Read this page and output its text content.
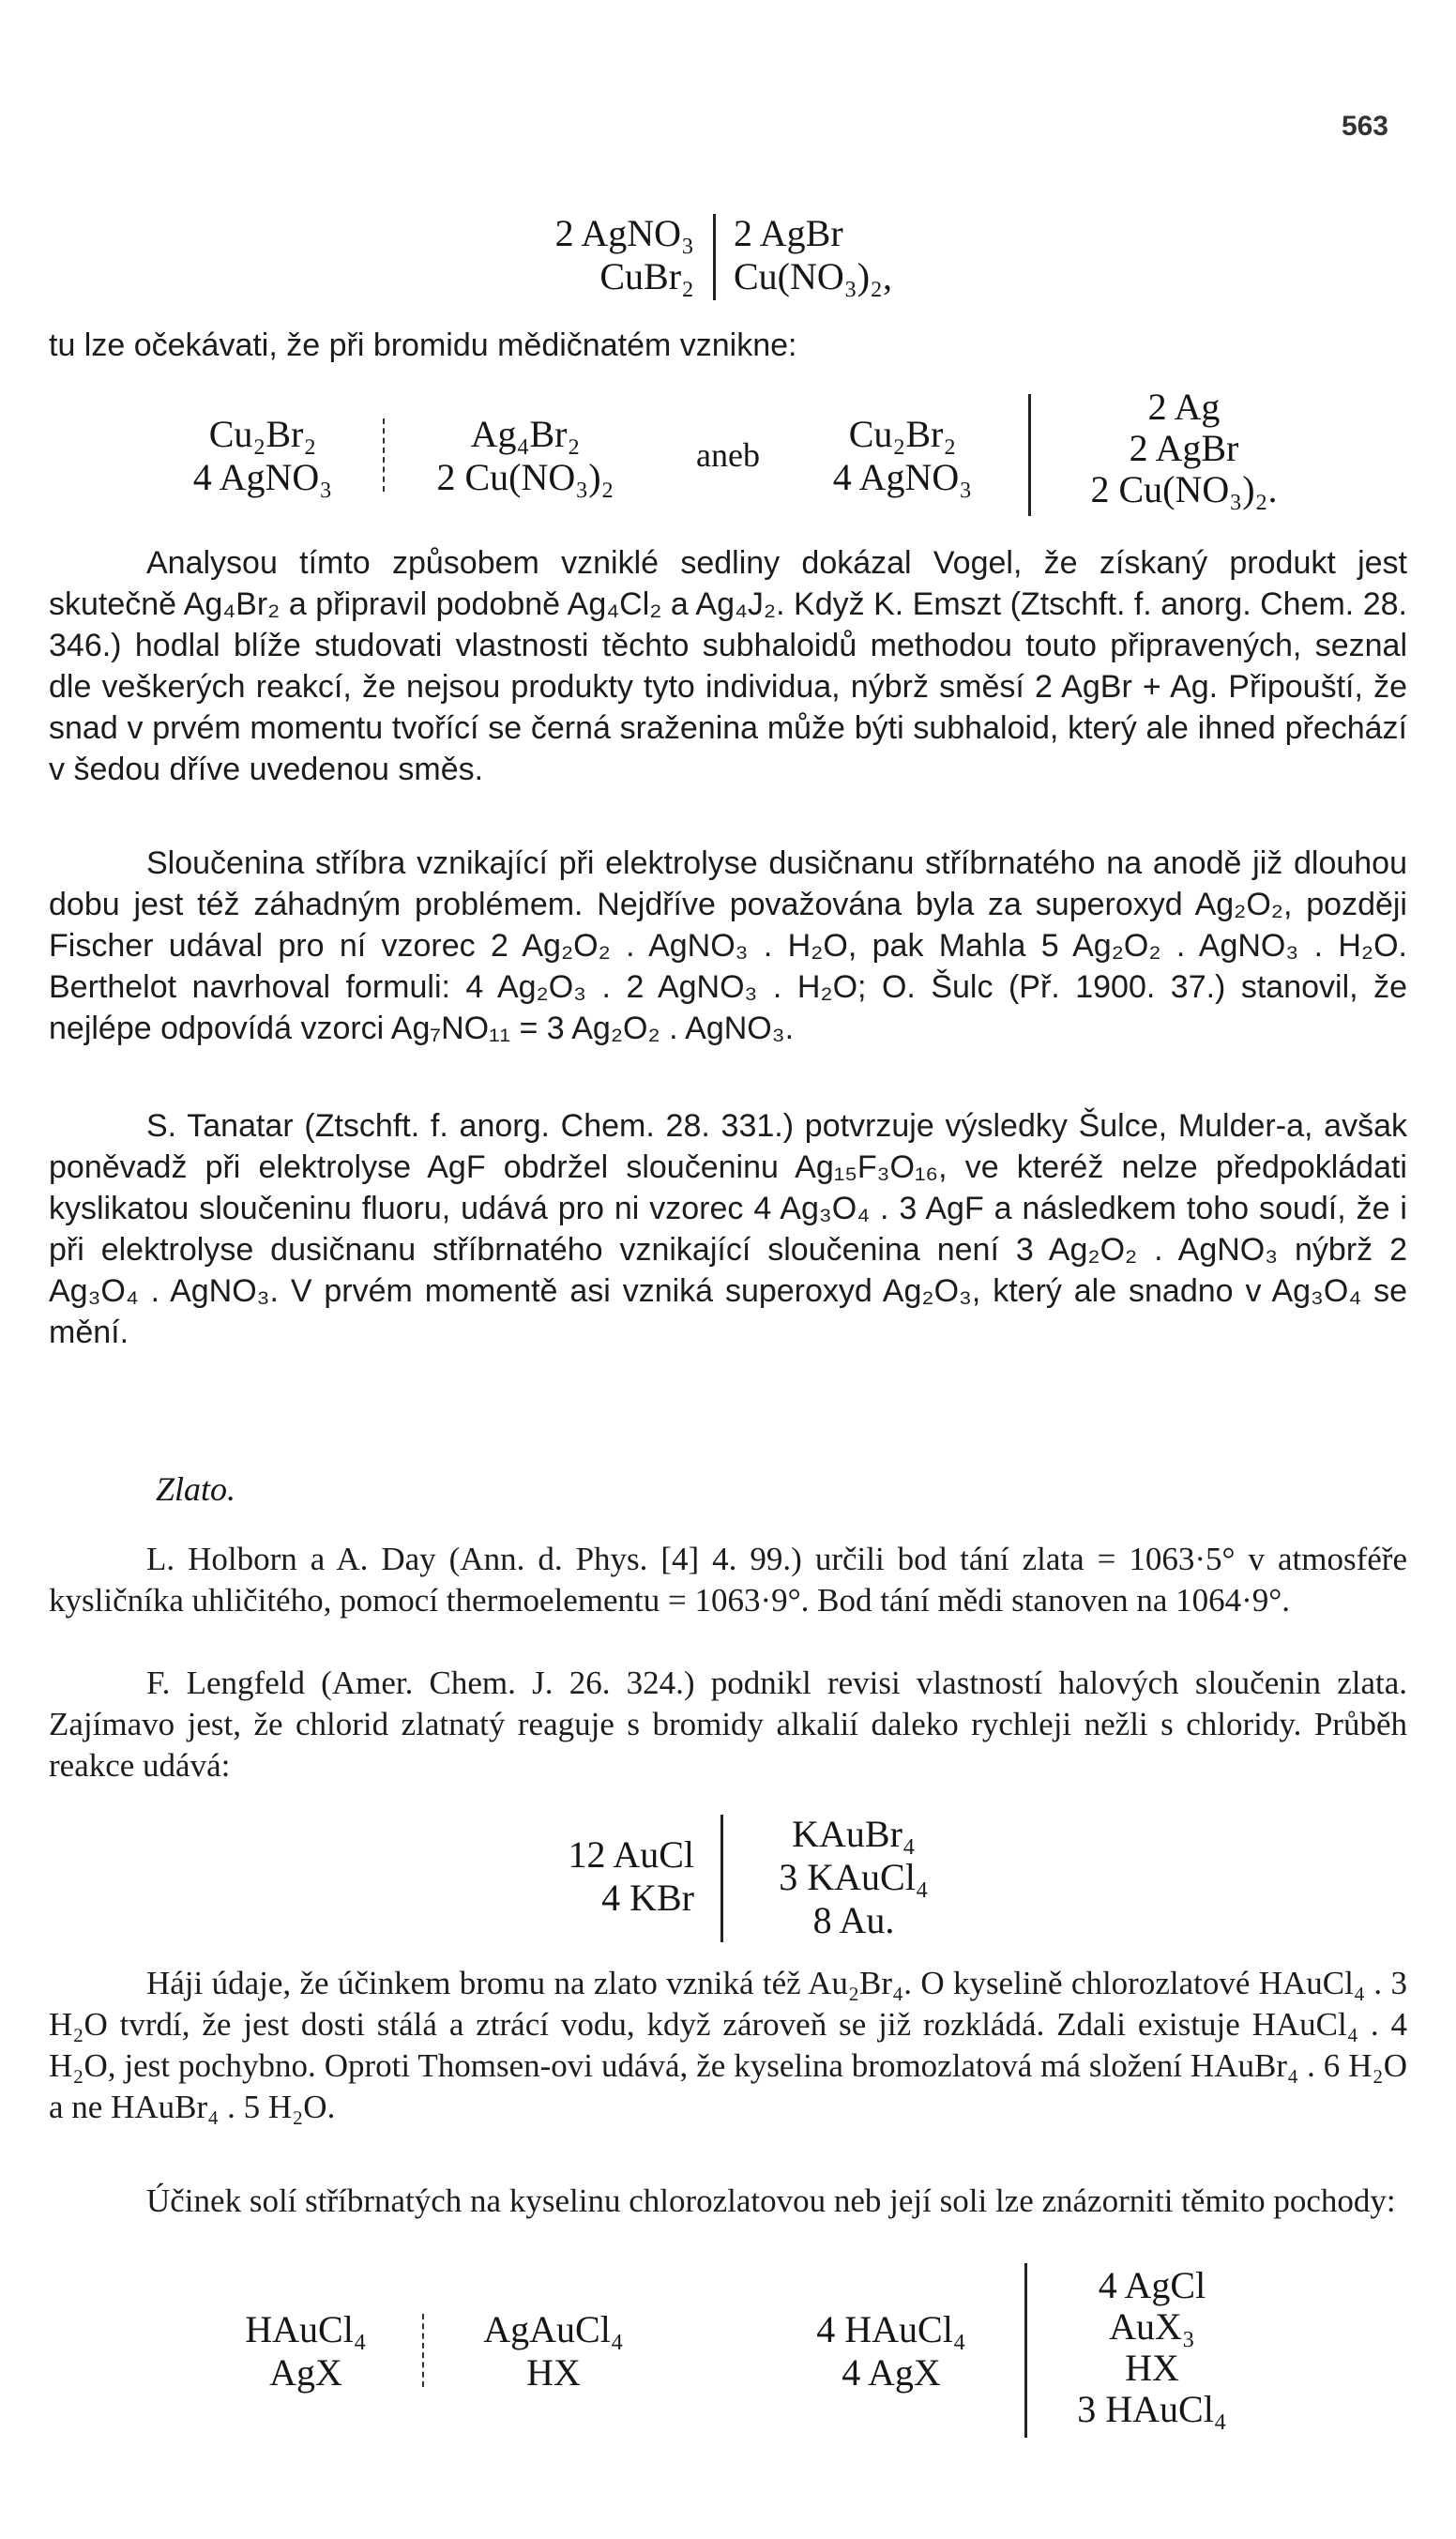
563
2 AgNO₃
CuBr₂
2 AgBr
Cu(NO₃)₂,
tu lze očekávati, že při bromidu mědičnatém vznikne:
Cu₂Br₂
4 AgNO₃
Ag₄Br₂
2 Cu(NO₃)₂
aneb	Cu₂Br₂
4 AgNO₃
2 Ag
2 AgBr
2 Cu(NO₃)₂.
Analysou tímto způsobem vzniklé sedliny dokázal Vogel, že získaný produkt jest skutečně Ag₄Br₂ a připravil podobně Ag₄Cl₂ a Ag₄J₂. Když K. Emszt (Ztschft. f. anorg. Chem. 28. 346.) hodlal blíže studovati vlastnosti těchto subhaloidů methodou touto připravených, seznal dle veškerých reakcí, že nejsou produkty tyto individua, nýbrž směsí 2 AgBr + Ag. Připouští, že snad v prvém momentu tvořící se černá sraženina může býti subhaloid, který ale ihned přechází v šedou dříve uvedenou směs.
Sloučenina stříbra vznikající při elektrolyse dusičnanu stříbrnatého na anodě již dlouhou dobu jest též záhadným problémem. Nejdříve považována byla za superoxyd Ag₂O₂, později Fischer udával pro ní vzorec 2 Ag₂O₂ . AgNO₃ . H₂O, pak Mahla 5 Ag₂O₂ . AgNO₃ . H₂O. Berthelot navrhoval formuli: 4 Ag₂O₃ . 2 AgNO₃ . H₂O; O. Šulc (Př. 1900. 37.) stanovil, že nejlépe odpovídá vzorci Ag₇NO₁₁ = 3 Ag₂O₂ . AgNO₃.
S. Tanatar (Ztschft. f. anorg. Chem. 28. 331.) potvrzuje výsledky Šulce, Mulder-a, avšak poněvadž při elektrolyse AgF obdržel sloučeninu Ag₁₅F₃O₁₆, ve kteréž nelze předpokládati kyslikatou sloučeninu fluoru, udává pro ni vzorec 4 Ag₃O₄ . 3 AgF a následkem toho soudí, že i při elektrolyse dusičnanu stříbrnatého vznikající sloučenina není 3 Ag₂O₂ . AgNO₃ nýbrž 2 Ag₃O₄ . AgNO₃. V prvém momentě asi vzniká superoxyd Ag₂O₃, který ale snadno v Ag₃O₄ se mění.
Zlato.
L. Holborn a A. Day (Ann. d. Phys. [4] 4. 99.) určili bod tání zlata = 1063·5° v atmosféře kysličníka uhličitého, pomocí thermoelementu = 1063·9°. Bod tání mědi stanoven na 1064·9°.
F. Lengfeld (Amer. Chem. J. 26. 324.) podnikl revisi vlastností halových sloučenin zlata. Zajímavo jest, že chlorid zlatnatý reaguje s bromidy alkalií daleko rychleji nežli s chloridy. Průběh reakce udává:
12 AuCl
4 KBr
KAuBr₄
3 KAuCl₄
8 Au.
Háji údaje, že účinkem bromu na zlato vzniká též Au₂Br₄. O kyselině chlorozlatové HAuCl₄ . 3 H₂O tvrdí, že jest dosti stálá a ztrácí vodu, když zároveň se již rozkládá. Zdali existuje HAuCl₄ . 4 H₂O, jest pochybno. Oproti Thomsen-ovi udává, že kyselina bromozlatová má složení HAuBr₄ . 6 H₂O a ne HAuBr₄ . 5 H₂O.
Účinek solí stříbrnatých na kyselinu chlorozlatovou neb její soli lze znázorniti těmito pochody:
HAuCl₄
AgX
AgAuCl₄
HX
4 HAuCl₄
4 AgX
4 AgCl
AuX₃
HX
3 HAuCl₄
